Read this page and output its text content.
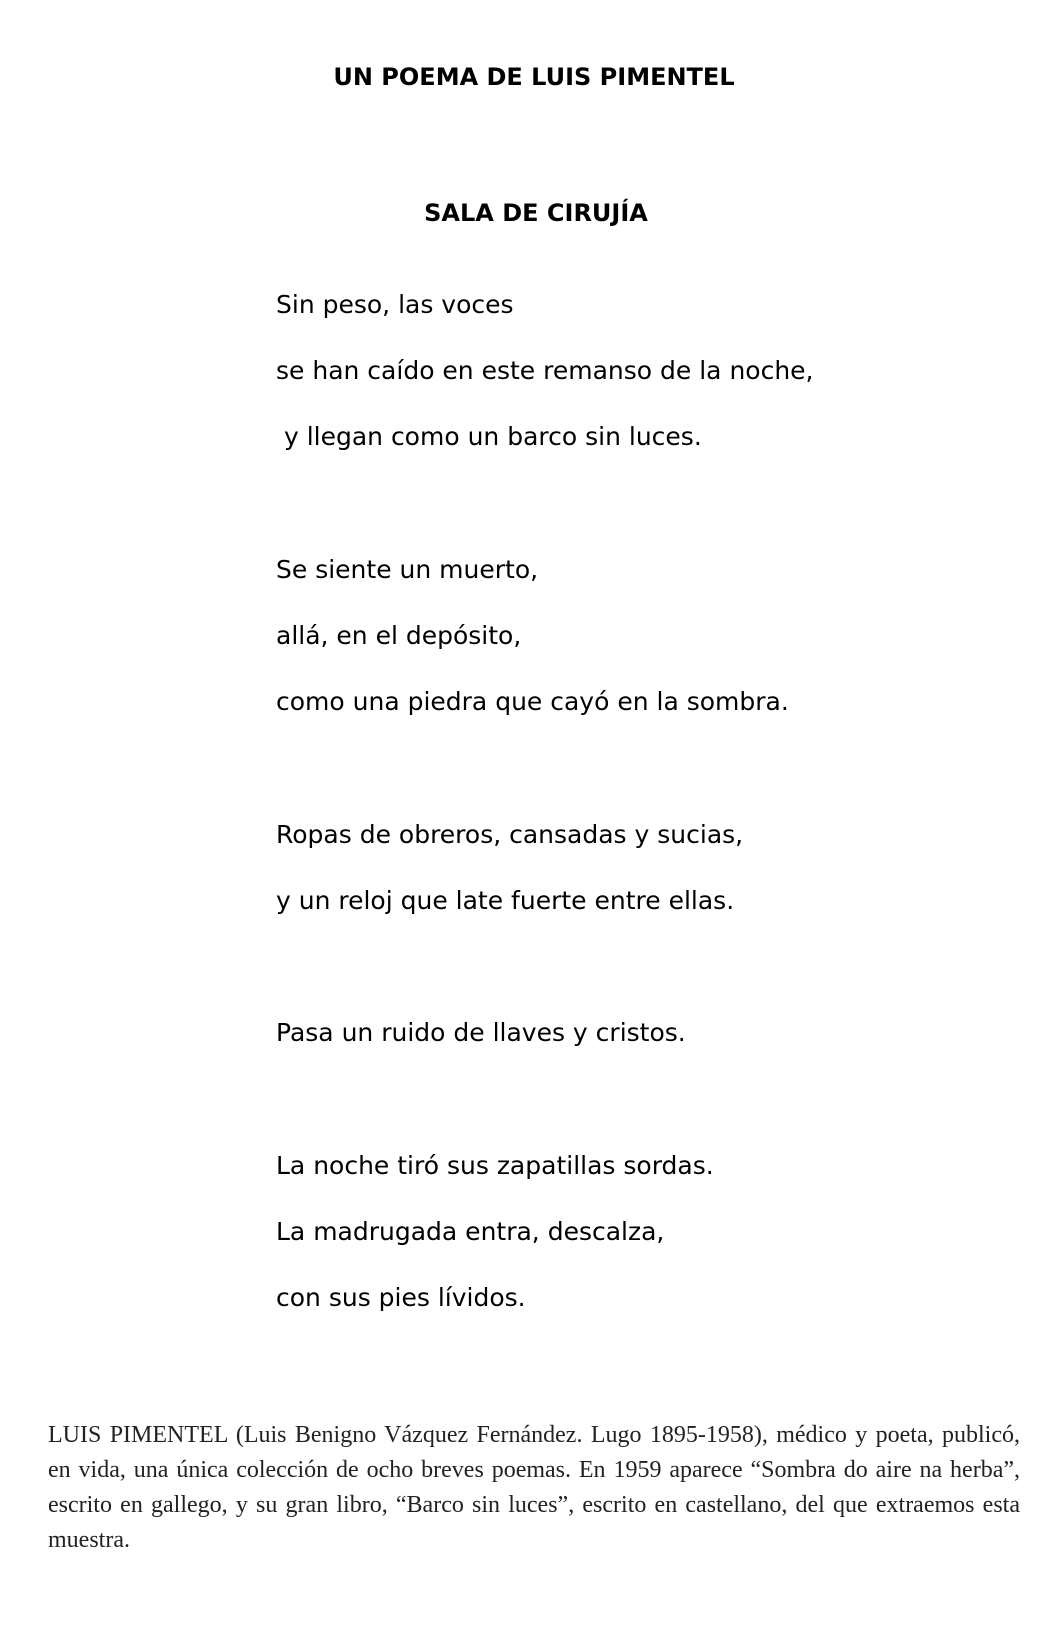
UN POEMA DE LUIS PIMENTEL
SALA DE CIRUJÍA

Sin peso, las voces

se han caído en este remanso de la noche,

y llegan como un barco sin luces.

Se siente un muerto,

allá, en el depósito,

como una piedra que cayó en la sombra.

Ropas de obreros, cansadas y sucias,

y un reloj que late fuerte entre ellas.

Pasa un ruido de llaves y cristos.

La noche tiró sus zapatillas sordas.

La madrugada entra, descalza,

con sus pies lívidos.

LUIS PIMENTEL (Luis Benigno Vázquez Fernández. Lugo 1895-1958), médico y poeta, publicó, en vida, una única colección de ocho breves poemas. En 1959 aparece “Sombra do aire na herba”, escrito en gallego, y su gran libro, “Barco sin luces”, escrito en castellano, del que extraemos esta muestra.
